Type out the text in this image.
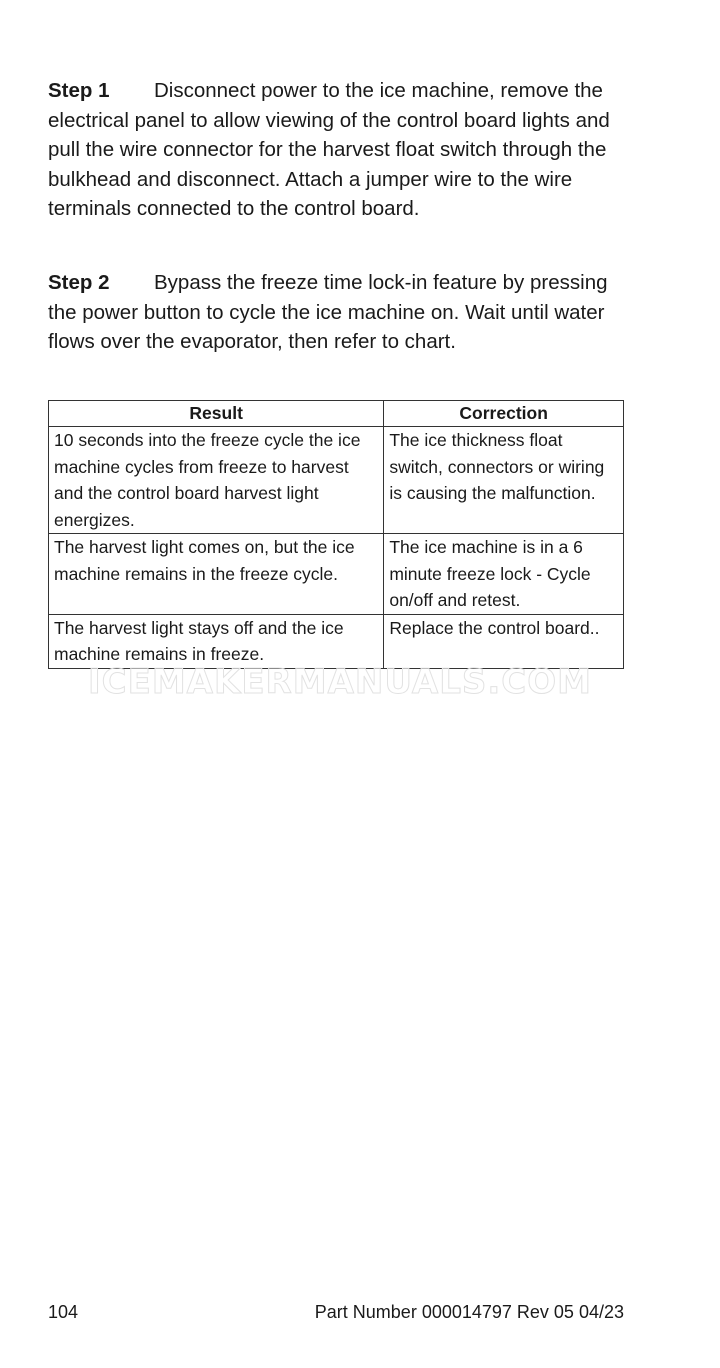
Step 1 Disconnect power to the ice machine, remove the electrical panel to allow viewing of the control board lights and pull the wire connector for the harvest float switch through the bulkhead and disconnect. Attach a jumper wire to the wire terminals connected to the control board.

Step 2 Bypass the freeze time lock-in feature by pressing the power button to cycle the ice machine on. Wait until water flows over the evaporator, then refer to chart.

Result	Correction
10 seconds into the freeze cycle the ice machine cycles from freeze to harvest and the control board harvest light energizes.	The ice thickness float switch, connectors or wiring is causing the malfunction.
The harvest light comes on, but the ice machine remains in the freeze cycle.	The ice machine is in a 6 minute freeze lock - Cycle on/off and retest.
The harvest light stays off and the ice machine remains in freeze.	Replace the control board..
ICEMAKERMANUALS.COM
104	Part Number 000014797 Rev 05 04/23
